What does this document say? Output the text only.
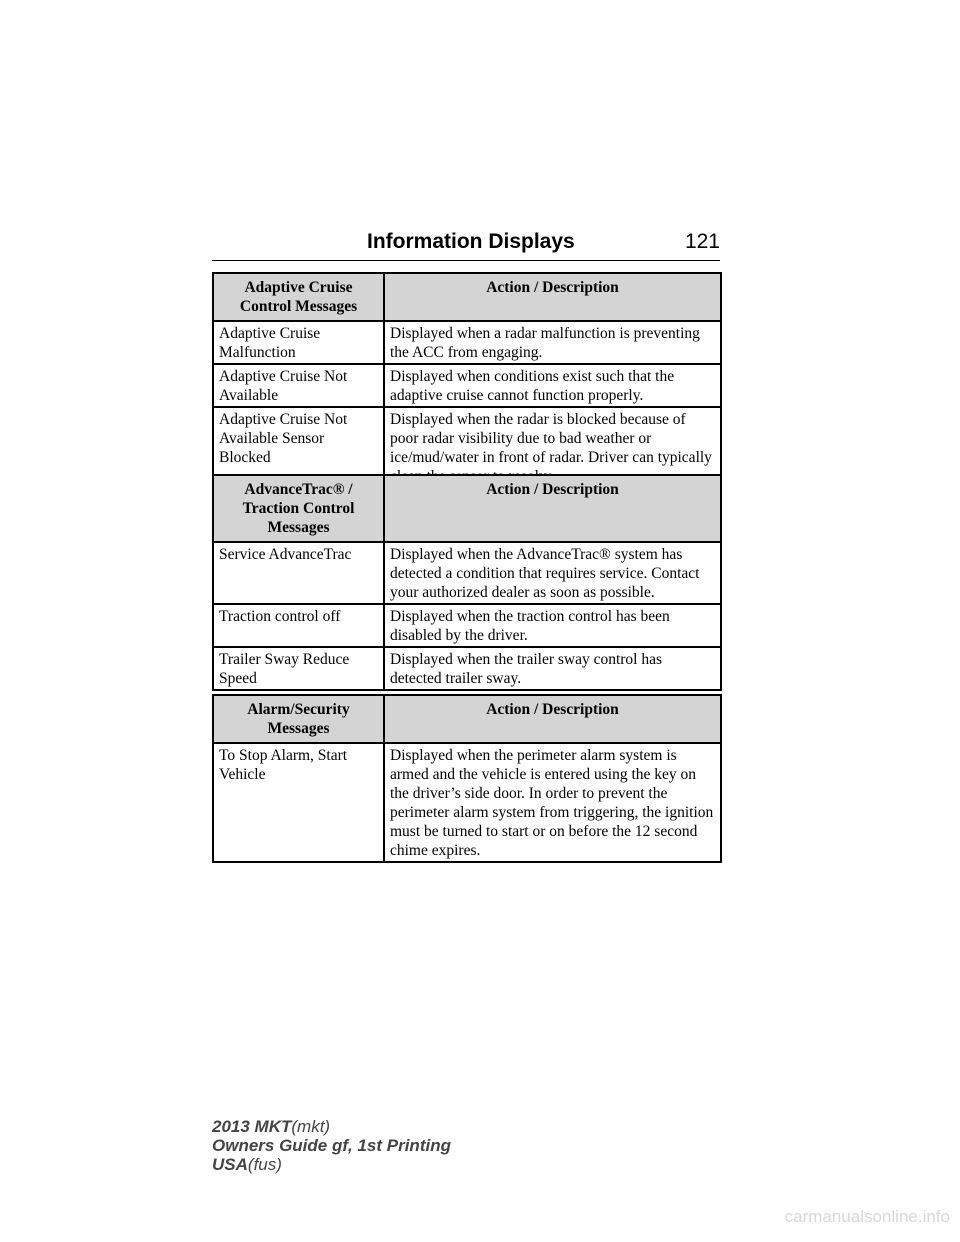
Information Displays	121
Adaptive Cruise Control Messages	Action / Description
Adaptive Cruise Malfunction	Displayed when a radar malfunction is preventing the ACC from engaging.
Adaptive Cruise Not Available	Displayed when conditions exist such that the adaptive cruise cannot function properly.
Adaptive Cruise Not Available Sensor Blocked	Displayed when the radar is blocked because of poor radar visibility due to bad weather or ice/mud/water in front of radar. Driver can typically
AdvanceTrac® / Traction Control Messages	Action / Description
Service AdvanceTrac	Displayed when the AdvanceTrac® system has detected a condition that requires service. Contact your authorized dealer as soon as possible.
Traction control off	Displayed when the traction control has been disabled by the driver.
Trailer Sway Reduce Speed	Displayed when the trailer sway control has detected trailer sway.
Alarm/Security Messages	Action / Description
To Stop Alarm, Start Vehicle	Displayed when the perimeter alarm system is armed and the vehicle is entered using the key on the driver’s side door. In order to prevent the perimeter alarm system from triggering, the ignition must be turned to start or on before the 12 second chime expires.
2013 MKT(mkt)
Owners Guide gf, 1st Printing
USA(fus)
carmanualsonline.info
